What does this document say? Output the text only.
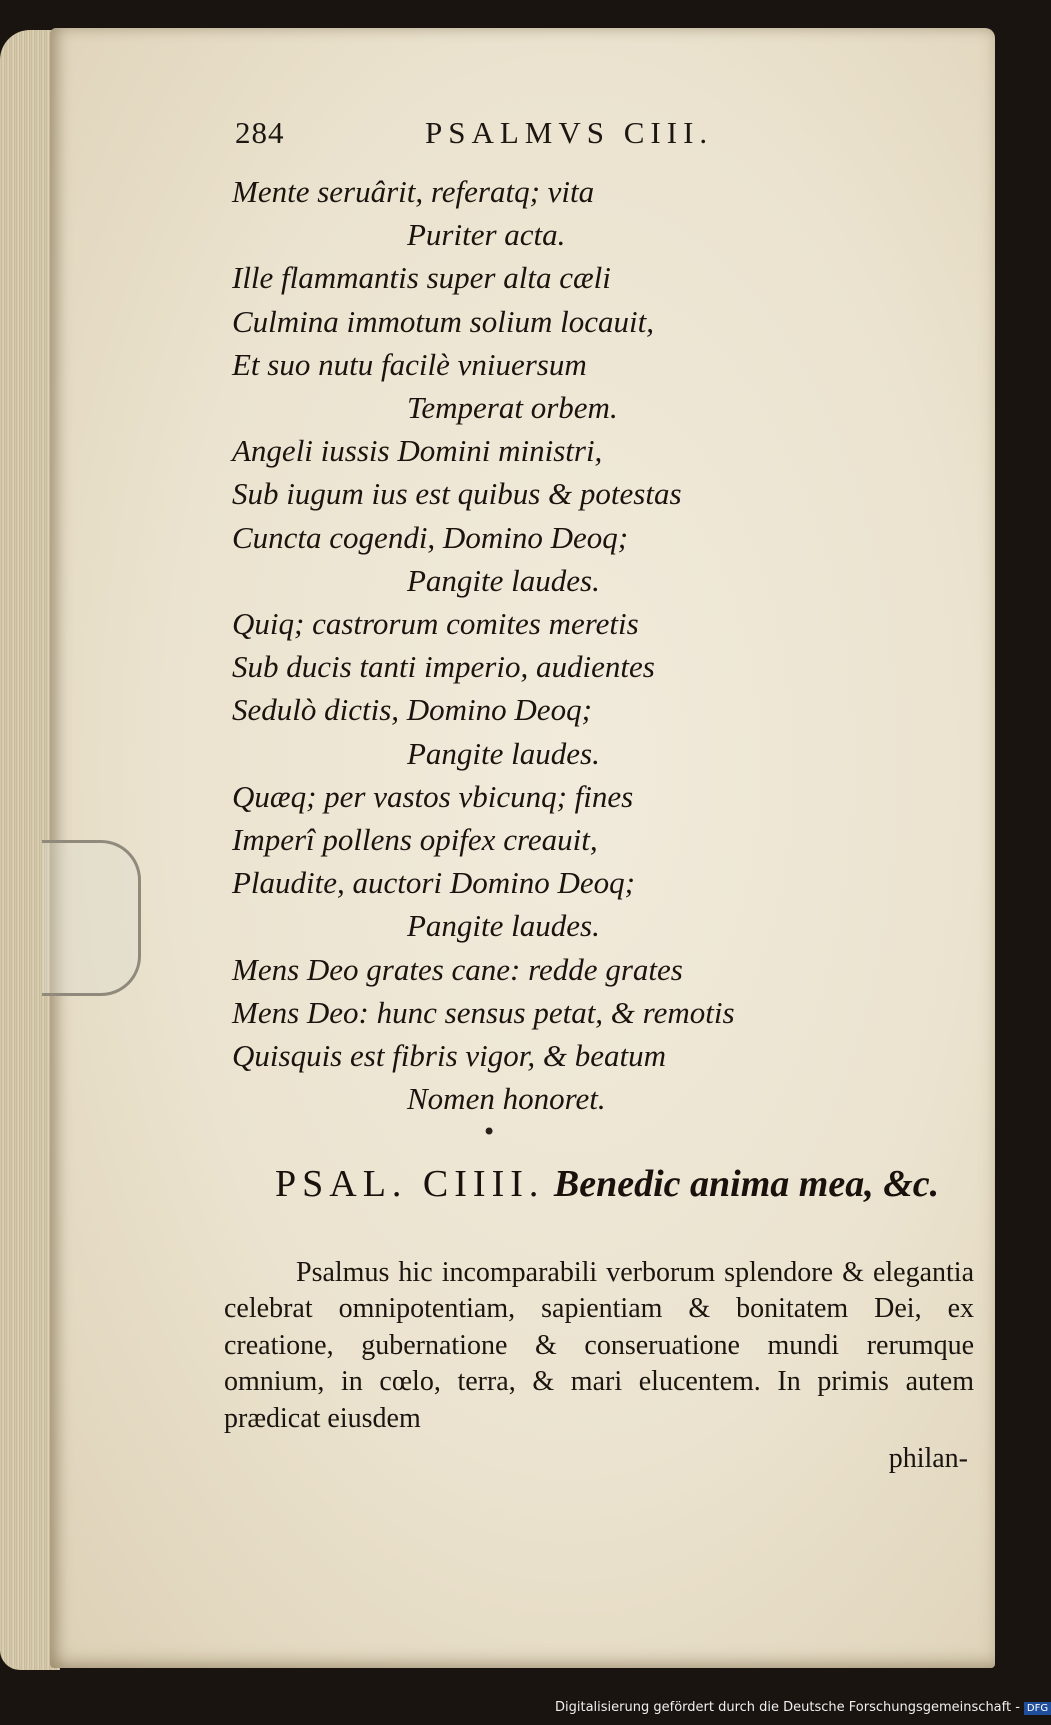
284	PSALMVS CIII.
Mente seruârit, referatq; vita
Puriter acta.
Ille flammantis super alta cæli
Culmina immotum solium locauit,
Et suo nutu facilè vniuersum
Temperat orbem.
Angeli iussis Domini ministri,
Sub iugum ius est quibus & potestas
Cuncta cogendi, Domino Deoq;
Pangite laudes.
Quiq; castrorum comites meretis
Sub ducis tanti imperio, audientes
Sedulò dictis, Domino Deoq;
Pangite laudes.
Quæq; per vastos vbicunq; fines
Imperî pollens opifex creauit,
Plaudite, auctori Domino Deoq;
Pangite laudes.
Mens Deo grates cane: redde grates
Mens Deo: hunc sensus petat, & remotis
Quisquis est fibris vigor, & beatum
Nomen honoret.
•
PSAL. CIIII. Benedic anima mea, &c.
Psalmus hic incomparabili verborum splendore & elegantia celebrat omnipotentiam, sapientiam & bonitatem Dei, ex creatione, gubernatione & conseruatione mundi rerumque omnium, in cœlo, terra, & mari elucentem. In primis autem prædicat eiusdem
philan-
Digitalisierung gefördert durch die Deutsche Forschungsgemeinschaft - DFG
